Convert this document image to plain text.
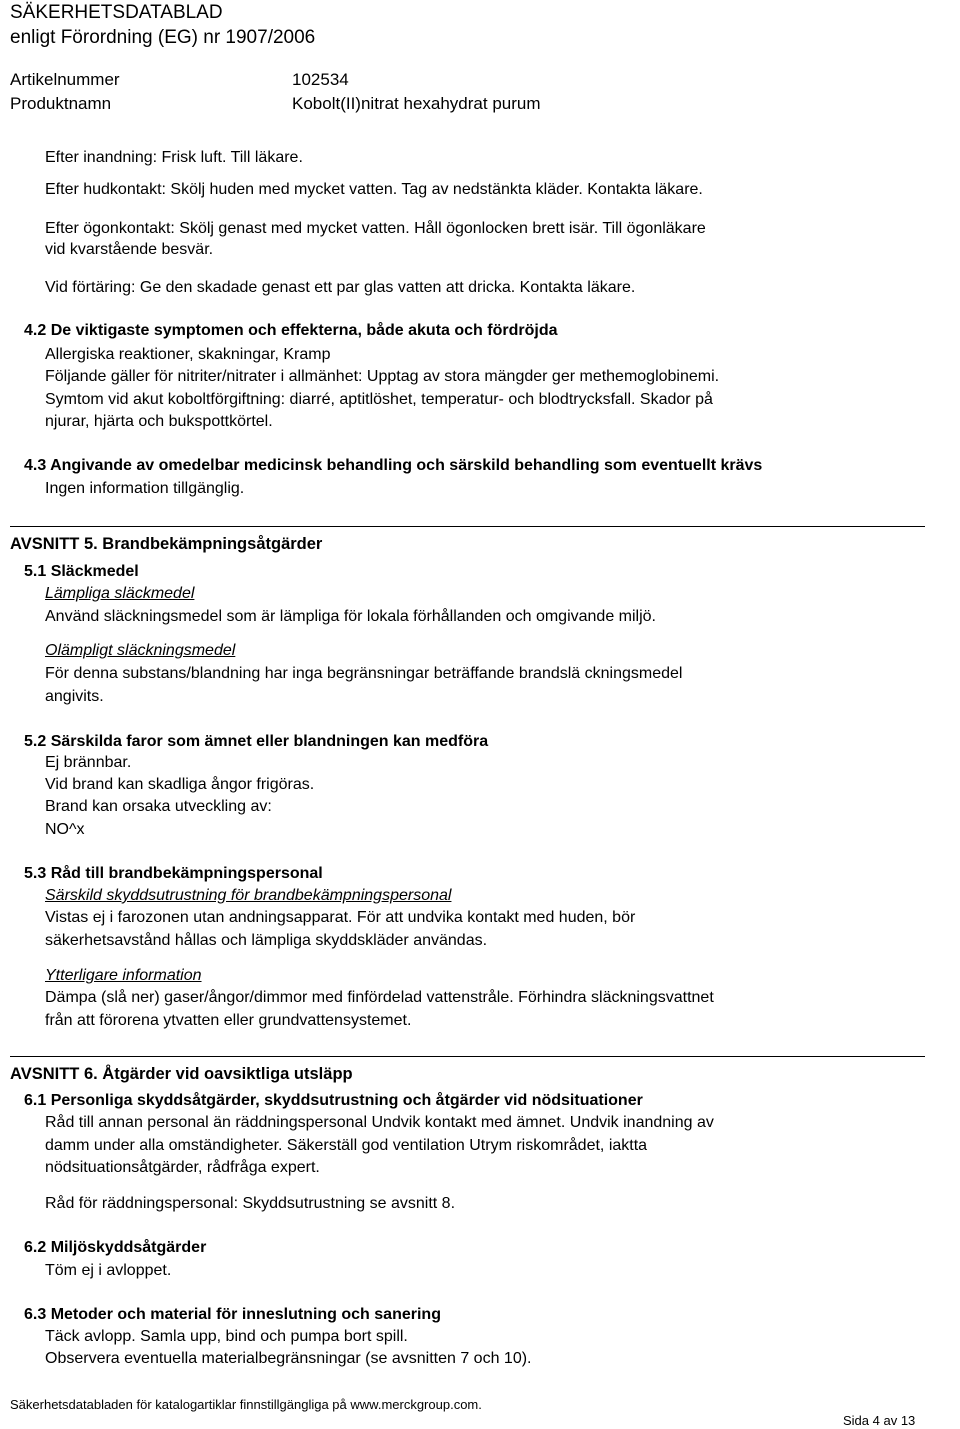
SÄKERHETSDATABLAD
enligt Förordning (EG) nr 1907/2006
Artikelnummer	102534
Produktnamn	Kobolt(II)nitrat hexahydrat purum
Efter inandning: Frisk luft. Till läkare.
Efter hudkontakt: Skölj huden med mycket vatten. Tag av nedstänkta kläder. Kontakta läkare.
Efter ögonkontakt: Skölj genast med mycket vatten. Håll ögonlocken brett isär. Till ögonläkare
vid kvarstående besvär.
Vid förtäring: Ge den skadade genast ett par glas vatten att dricka. Kontakta läkare.
4.2 De viktigaste symptomen och effekterna, både akuta och fördröjda
Allergiska reaktioner, skakningar, Kramp
Följande gäller för nitriter/nitrater i allmänhet: Upptag av stora mängder ger methemoglobinemi.
Symtom vid akut koboltförgiftning: diarré, aptitlöshet, temperatur- och blodtrycksfall. Skador på
njurar, hjärta och bukspottkörtel.
4.3 Angivande av omedelbar medicinsk behandling och särskild behandling som eventuellt krävs
Ingen information tillgänglig.
AVSNITT 5. Brandbekämpningsåtgärder
5.1 Släckmedel
Lämpliga släckmedel
Använd släckningsmedel som är lämpliga för lokala förhållanden och omgivande miljö.
Olämpligt släckningsmedel
För denna substans/blandning har inga begränsningar beträffande brandslä ckningsmedel
angivits.
5.2 Särskilda faror som ämnet eller blandningen kan medföra
Ej brännbar.
Vid brand kan skadliga ångor frigöras.
Brand kan orsaka utveckling av:
NO^x
5.3 Råd till brandbekämpningspersonal
Särskild skyddsutrustning för brandbekämpningspersonal
Vistas ej i farozonen utan andningsapparat. För att undvika kontakt med huden, bör
säkerhetsavstånd hållas och lämpliga skyddskläder användas.
Ytterligare information
Dämpa (slå ner) gaser/ångor/dimmor med finfördelad vattenstråle. Förhindra släckningsvattnet
från att förorena ytvatten eller grundvattensystemet.
AVSNITT 6. Åtgärder vid oavsiktliga utsläpp
6.1 Personliga skyddsåtgärder, skyddsutrustning och åtgärder vid nödsituationer
Råd till annan personal än räddningspersonal Undvik kontakt med ämnet. Undvik inandning av
damm under alla omständigheter. Säkerställ god ventilation Utrym riskområdet, iaktta
nödsituationsåtgärder, rådfråga expert.
Råd för räddningspersonal: Skyddsutrustning se avsnitt 8.
6.2 Miljöskyddsåtgärder
Töm ej i avloppet.
6.3 Metoder och material för inneslutning och sanering
Täck avlopp. Samla upp, bind och pumpa bort spill.
Observera eventuella materialbegränsningar (se avsnitten 7 och 10).
Säkerhetsdatabladen för katalogartiklar finnstillgängliga på www.merckgroup.com.
Sida 4 av 13
